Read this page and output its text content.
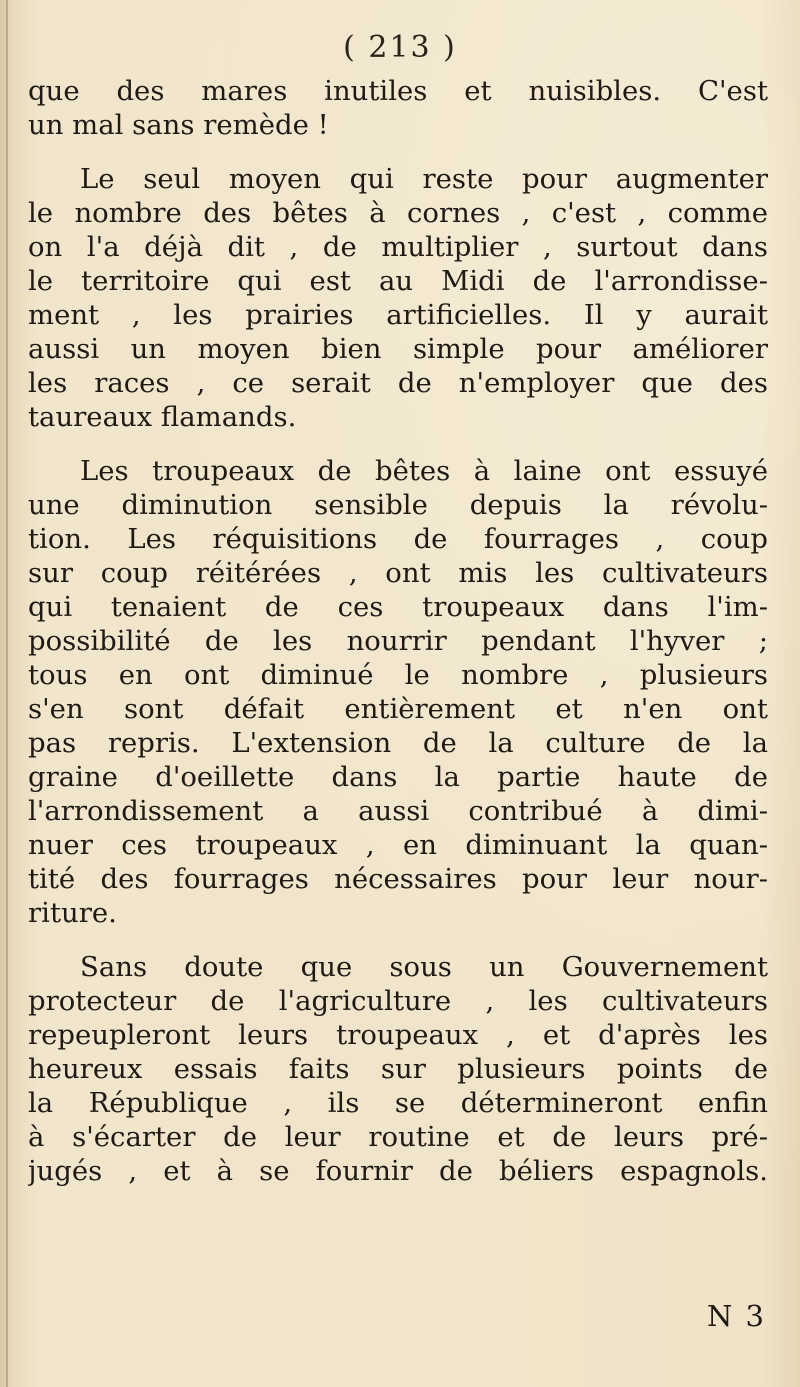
( 213 )
que des mares inutiles et nuisibles. C'est
un mal sans remède !
Le seul moyen qui reste pour augmenter
le nombre des bêtes à cornes , c'est , comme
on l'a déjà dit , de multiplier , surtout dans
le territoire qui est au Midi de l'arrondisse-
ment , les prairies artificielles. Il y aurait
aussi un moyen bien simple pour améliorer
les races , ce serait de n'employer que des
taureaux flamands.
Les troupeaux de bêtes à laine ont essuyé
une diminution sensible depuis la révolu-
tion. Les réquisitions de fourrages , coup
sur coup réitérées , ont mis les cultivateurs
qui tenaient de ces troupeaux dans l'im-
possibilité de les nourrir pendant l'hyver ;
tous en ont diminué le nombre , plusieurs
s'en sont défait entièrement et n'en ont
pas repris. L'extension de la culture de la
graine d'oeillette dans la partie haute de
l'arrondissement a aussi contribué à dimi-
nuer ces troupeaux , en diminuant la quan-
tité des fourrages nécessaires pour leur nour-
riture.
Sans doute que sous un Gouvernement
protecteur de l'agriculture , les cultivateurs
repeupleront leurs troupeaux , et d'après les
heureux essais faits sur plusieurs points de
la République , ils se détermineront enfin
à s'écarter de leur routine et de leurs pré-
jugés , et à se fournir de béliers espagnols.
N 3
